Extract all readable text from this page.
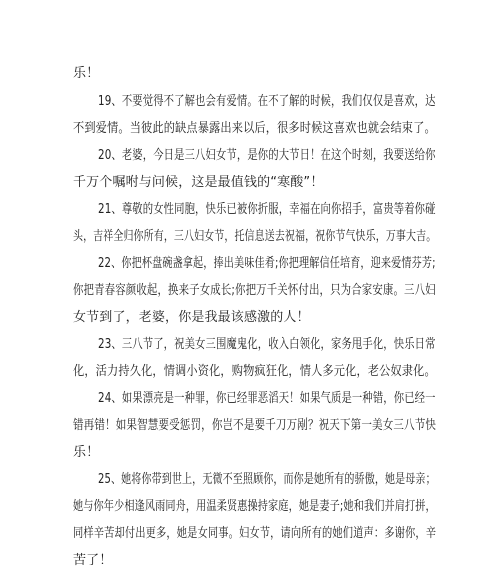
乐！
19、不要觉得不了解也会有爱情。在不了解的时候，我们仅仅是喜欢，达
不到爱情。当彼此的缺点暴露出来以后，很多时候这喜欢也就会结束了。
20、老婆，今日是三八妇女节，是你的大节日！在这个时刻，我要送给你
千万个嘱咐与问候，这是最值钱的“寒酸”！
21、尊敬的女性同胞，快乐已被你折服，幸福在向你招手，富贵等着你碰
头，吉祥全归你所有，三八妇女节，托信息送去祝福，祝你节气快乐，万事大吉。
22、你把杯盘碗盏拿起，捧出美味佳肴;你把理解信任培育，迎来爱情芬芳;
你把青春容颜收起，换来子女成长;你把万千关怀付出，只为合家安康。三八妇
女节到了，老婆，你是我最该感激的人！
23、三八节了，祝美女三围魔鬼化，收入白领化，家务甩手化，快乐日常
化，活力持久化，情调小资化，购物疯狂化，情人多元化，老公奴隶化。
24、如果漂亮是一种罪，你已经罪恶滔天！如果气质是一种错，你已经一
错再错！如果智慧要受惩罚，你岂不是要千刀万剐？祝天下第一美女三八节快
乐！
25、她将你带到世上，无微不至照顾你，而你是她所有的骄傲，她是母亲；
她与你年少相逢风雨同舟，用温柔贤惠操持家庭，她是妻子;她和我们并肩打拼，
同样辛苦却付出更多，她是女同事。妇女节，请向所有的她们道声：多谢你，辛
苦了！
